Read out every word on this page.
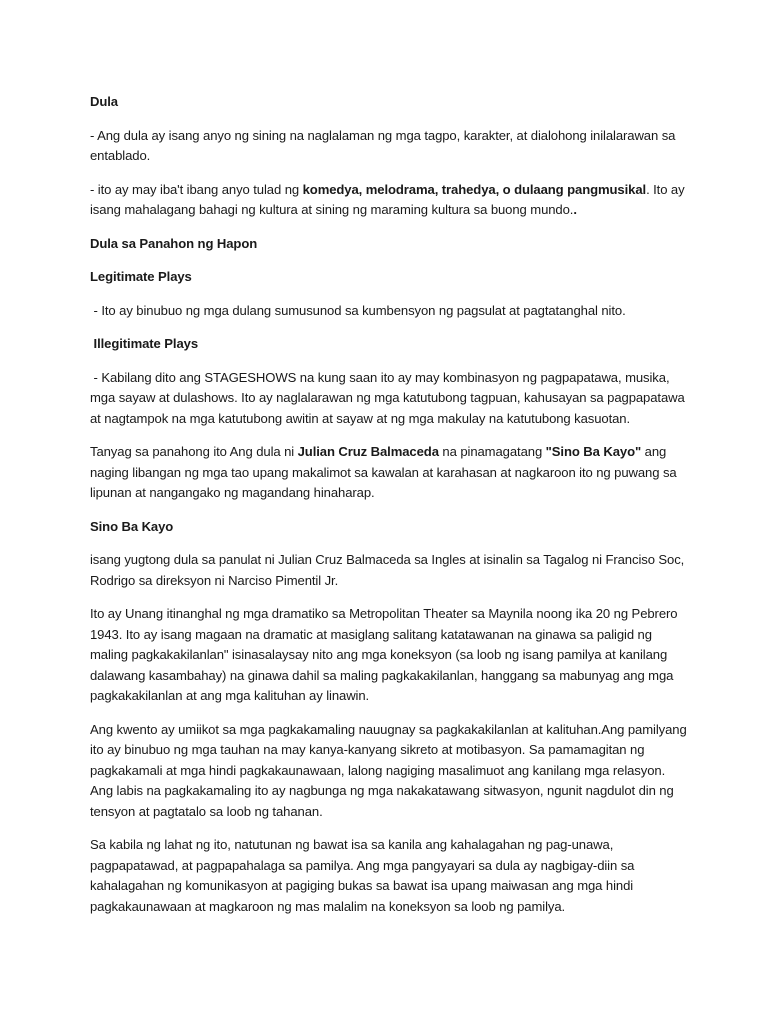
Dula
- Ang dula ay isang anyo ng sining na naglalaman ng mga tagpo, karakter, at dialohong inilalarawan sa entablado.
- ito ay may iba't ibang anyo tulad ng komedya, melodrama, trahedya, o dulaang pangmusikal. Ito ay isang mahalagang bahagi ng kultura at sining ng maraming kultura sa buong mundo..
Dula sa Panahon ng Hapon
Legitimate Plays
- Ito ay binubuo ng mga dulang sumusunod sa kumbensyon ng pagsulat at pagtatanghal nito.
Illegitimate Plays
- Kabilang dito ang STAGESHOWS na kung saan ito ay may kombinasyon ng pagpapatawa, musika, mga sayaw at dulashows. Ito ay naglalarawan ng mga katutubong tagpuan, kahusayan sa pagpapatawa at nagtampok na mga katutubong awitin at sayaw at ng mga makulay na katutubong kasuotan.
Tanyag sa panahong ito Ang dula ni Julian Cruz Balmaceda na pinamagatang "Sino Ba Kayo" ang naging libangan ng mga tao upang makalimot sa kawalan at karahasan at nagkaroon ito ng puwang sa lipunan at nangangako ng magandang hinaharap.
Sino Ba Kayo
isang yugtong dula sa panulat ni Julian Cruz Balmaceda sa Ingles at isinalin sa Tagalog ni Franciso Soc, Rodrigo sa direksyon ni Narciso Pimentil Jr.
Ito ay Unang itinanghal ng mga dramatiko sa Metropolitan Theater sa Maynila noong ika 20 ng Pebrero 1943. Ito ay isang magaan na dramatic at masiglang salitang katatawanan na ginawa sa paligid ng maling pagkakakilanlan" isinasalaysay nito ang mga koneksyon (sa loob ng isang pamilya at kanilang dalawang kasambahay) na ginawa dahil sa maling pagkakakilanlan, hanggang sa mabunyag ang mga pagkakakilanlan at ang mga kalituhan ay linawin.
Ang kwento ay umiikot sa mga pagkakamaling nauugnay sa pagkakakilanlan at kalituhan.Ang pamilyang ito ay binubuo ng mga tauhan na may kanya-kanyang sikreto at motibasyon. Sa pamamagitan ng pagkakamali at mga hindi pagkakaunawaan, lalong nagiging masalimuot ang kanilang mga relasyon. Ang labis na pagkakamaling ito ay nagbunga ng mga nakakatawang sitwasyon, ngunit nagdulot din ng tensyon at pagtatalo sa loob ng tahanan.
Sa kabila ng lahat ng ito, natutunan ng bawat isa sa kanila ang kahalagahan ng pag-unawa, pagpapatawad, at pagpapahalaga sa pamilya. Ang mga pangyayari sa dula ay nagbigay-diin sa kahalagahan ng komunikasyon at pagiging bukas sa bawat isa upang maiwasan ang mga hindi pagkakaunawaan at magkaroon ng mas malalim na koneksyon sa loob ng pamilya.
